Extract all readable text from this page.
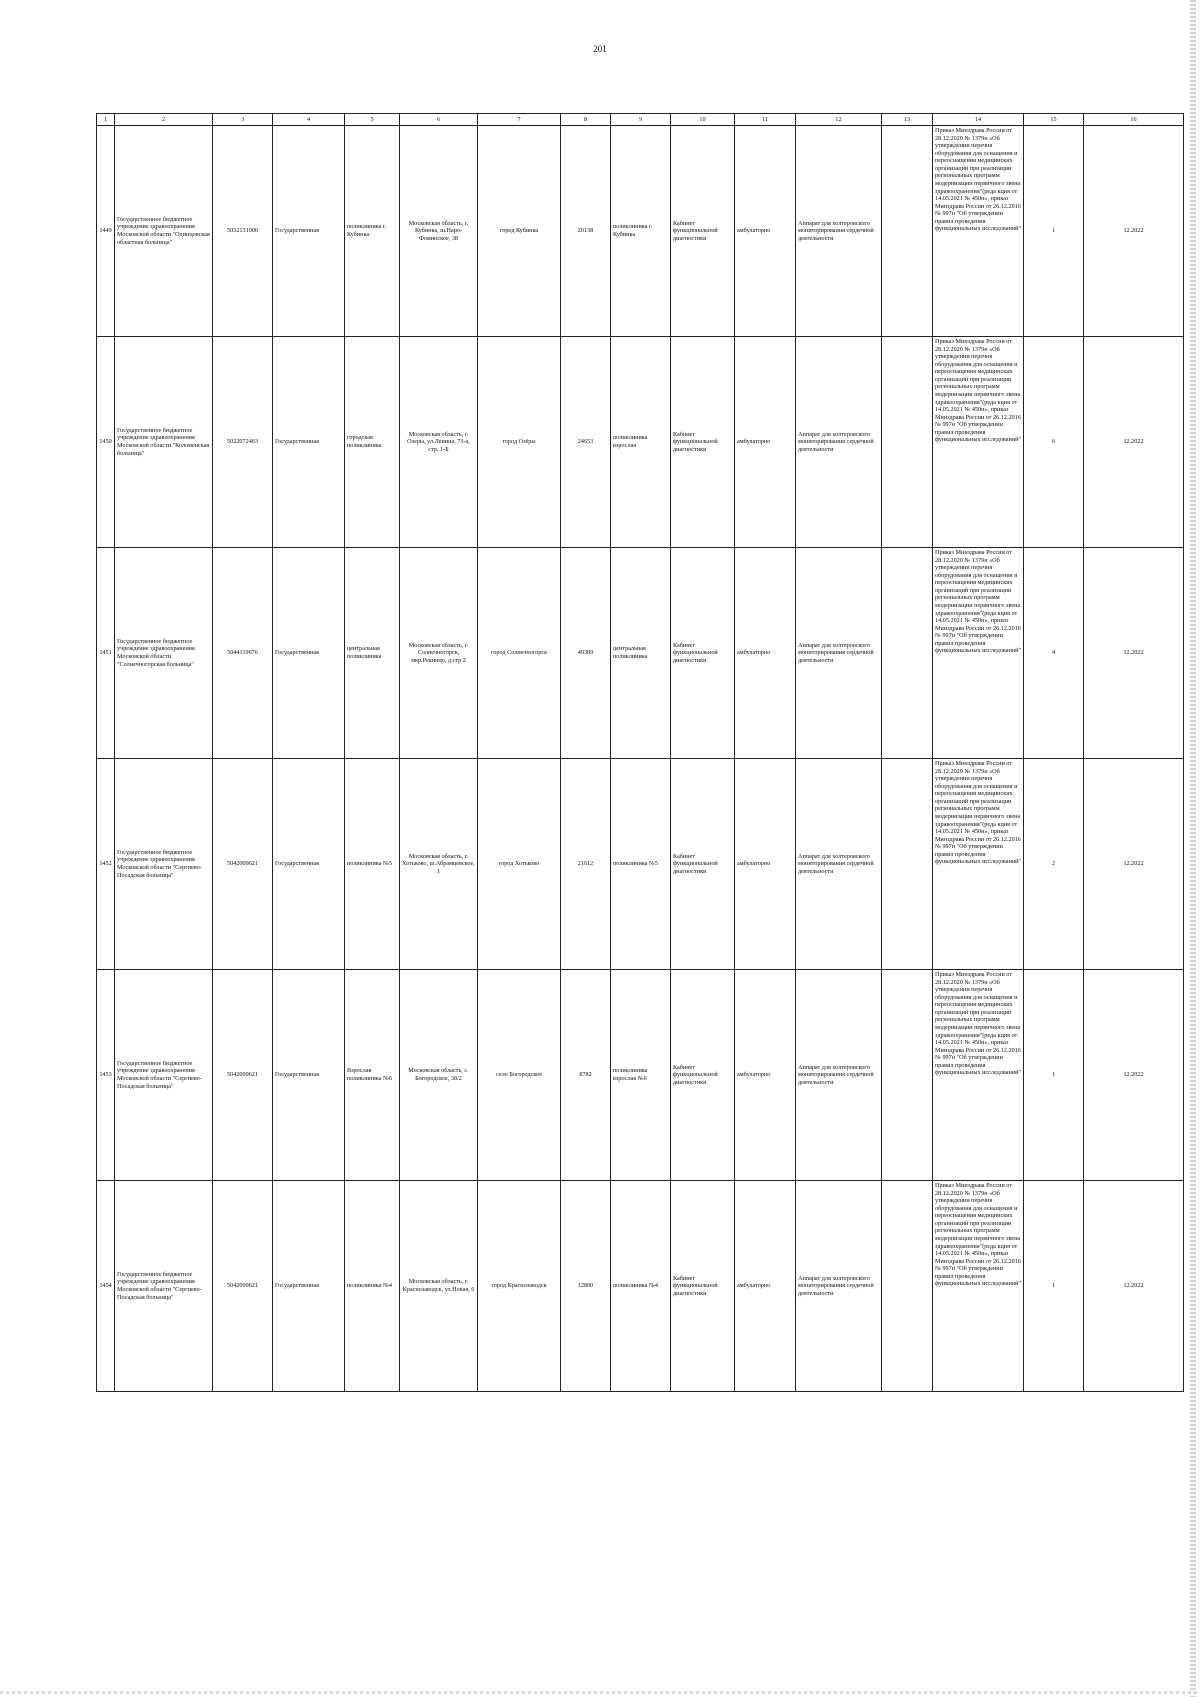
201
1	2	3	4	5	6	7	8	9	10	11	12	13	14	15	16
1449	Государственное бюджетное учреждение здравоохранения Московской области "Одинцовская областная больница"	5032131900	Государственная	поликлиника г. Кубинка	Московская область, г. Кубинка, ш.Наро-Фоминское, 38	город Кубинка	20138	поликлиника г. Кубинка	Кабинет функциональной диагностики	амбулаторно	Аппарат для холтеровского мониторирования сердечной деятельности		Приказ Минздрава России от 28.12.2020 № 1379н «Об утверждении перечня оборудования для оснащения и переоснащения медицинских организаций при реализации региональных программ модернизации первичного звена здравоохранения"(реда кция от 14.05.2021 № 450н», приказ Минздрава России от 26.12.2016 № 997н "Об утверждении правил проведения функциональных исследований"	1	12.2022
1450	Государственное бюджетное учреждение здравоохранения Московской области "Коломенская больница"	5022072463	Государственная	городская поликлиника	Московская область, г. Озеры, ул.Ленина, 73-а, стр. 1-Б	город Озёры	24653	поликлиника взрослая	Кабинет функциональной диагностики	амбулаторно	Аппарат для холтеровского мониторирования сердечной деятельности		Приказ Минздрава России от 28.12.2020 № 1379н «Об утверждении перечня оборудования для оснащения и переоснащения медицинских организаций при реализации региональных программ модернизации первичного звена здравоохранения"(реда кция от 14.05.2021 № 450н», приказ Минздрава России от 26.12.2016 № 997н "Об утверждении правил проведения функциональных исследований"	6	12.2022
1451	Государственное бюджетное учреждение здравоохранения Московской области "Солнечногорская больница"	5044119676	Государственная	центральная поликлиника	Московская область, г. Солнечногорск, мкр.Рекинцо, д.стр 2	город Солнечногорск	49389	центральная поликлиника	Кабинет функциональной диагностики	амбулаторно	Аппарат для холтеровского мониторирования сердечной деятельности		Приказ Минздрава России от 28.12.2020 № 1379н «Об утверждении перечня оборудования для оснащения и переоснащения медицинских организаций при реализации региональных программ модернизации первичного звена здравоохранения"(реда кция от 14.05.2021 № 450н», приказ Минздрава России от 26.12.2016 № 997н "Об утверждении правил проведения функциональных исследований"	4	12.2022
1452	Государственное бюджетное учреждение здравоохранения Московской области "Сергиево-Посадская больница"	5042009621	Государственная	поликлиника №5	Московская область, г. Хотьково, ш.Абрамцевское, 1	город Хотьково	21612	поликлиника №5	Кабинет функциональной диагностики	амбулаторно	Аппарат для холтеровского мониторирования сердечной деятельности		Приказ Минздрава России от 28.12.2020 № 1379н «Об утверждении перечня оборудования для оснащения и переоснащения медицинских организаций при реализации региональных программ модернизации первичного звена здравоохранения"(реда кция от 14.05.2021 № 450н», приказ Минздрава России от 26.12.2016 № 997н "Об утверждении правил проведения функциональных исследований"	2	12.2022
1453	Государственное бюджетное учреждение здравоохранения Московской области "Сергиево-Посадская больница"	5042009621	Государственная	Взрослая поликлиника №6	Московская область, с. Богородское, 38/2	село Богородское	8782	поликлиника взрослая №6	Кабинет функциональной диагностики	амбулаторно	Аппарат для холтеровского мониторирования сердечной деятельности		Приказ Минздрава России от 28.12.2020 № 1379н «Об утверждении перечня оборудования для оснащения и переоснащения медицинских организаций при реализации региональных программ модернизации первичного звена здравоохранения"(реда кция от 14.05.2021 № 450н», приказ Минздрава России от 26.12.2016 № 997н "Об утверждении правил проведения функциональных исследований"	1	12.2022
1454	Государственное бюджетное учреждение здравоохранения Московской области "Сергиево-Посадская больница"	5042009621	Государственная	поликлиника №4	Московская область, г. Краснозаводск, ул.Новая, 6	город Краснозаводск	12800	поликлиника №4	Кабинет функциональной диагностики	амбулаторно	Аппарат для холтеровского мониторирования сердечной деятельности		Приказ Минздрава России от 28.12.2020 № 1379н «Об утверждении перечня оборудования для оснащения и переоснащения медицинских организаций при реализации региональных программ модернизации первичного звена здравоохранения"(реда кция от 14.05.2021 № 450н», приказ Минздрава России от 26.12.2016 № 997н "Об утверждении правил проведения функциональных исследований"	1	12.2022
